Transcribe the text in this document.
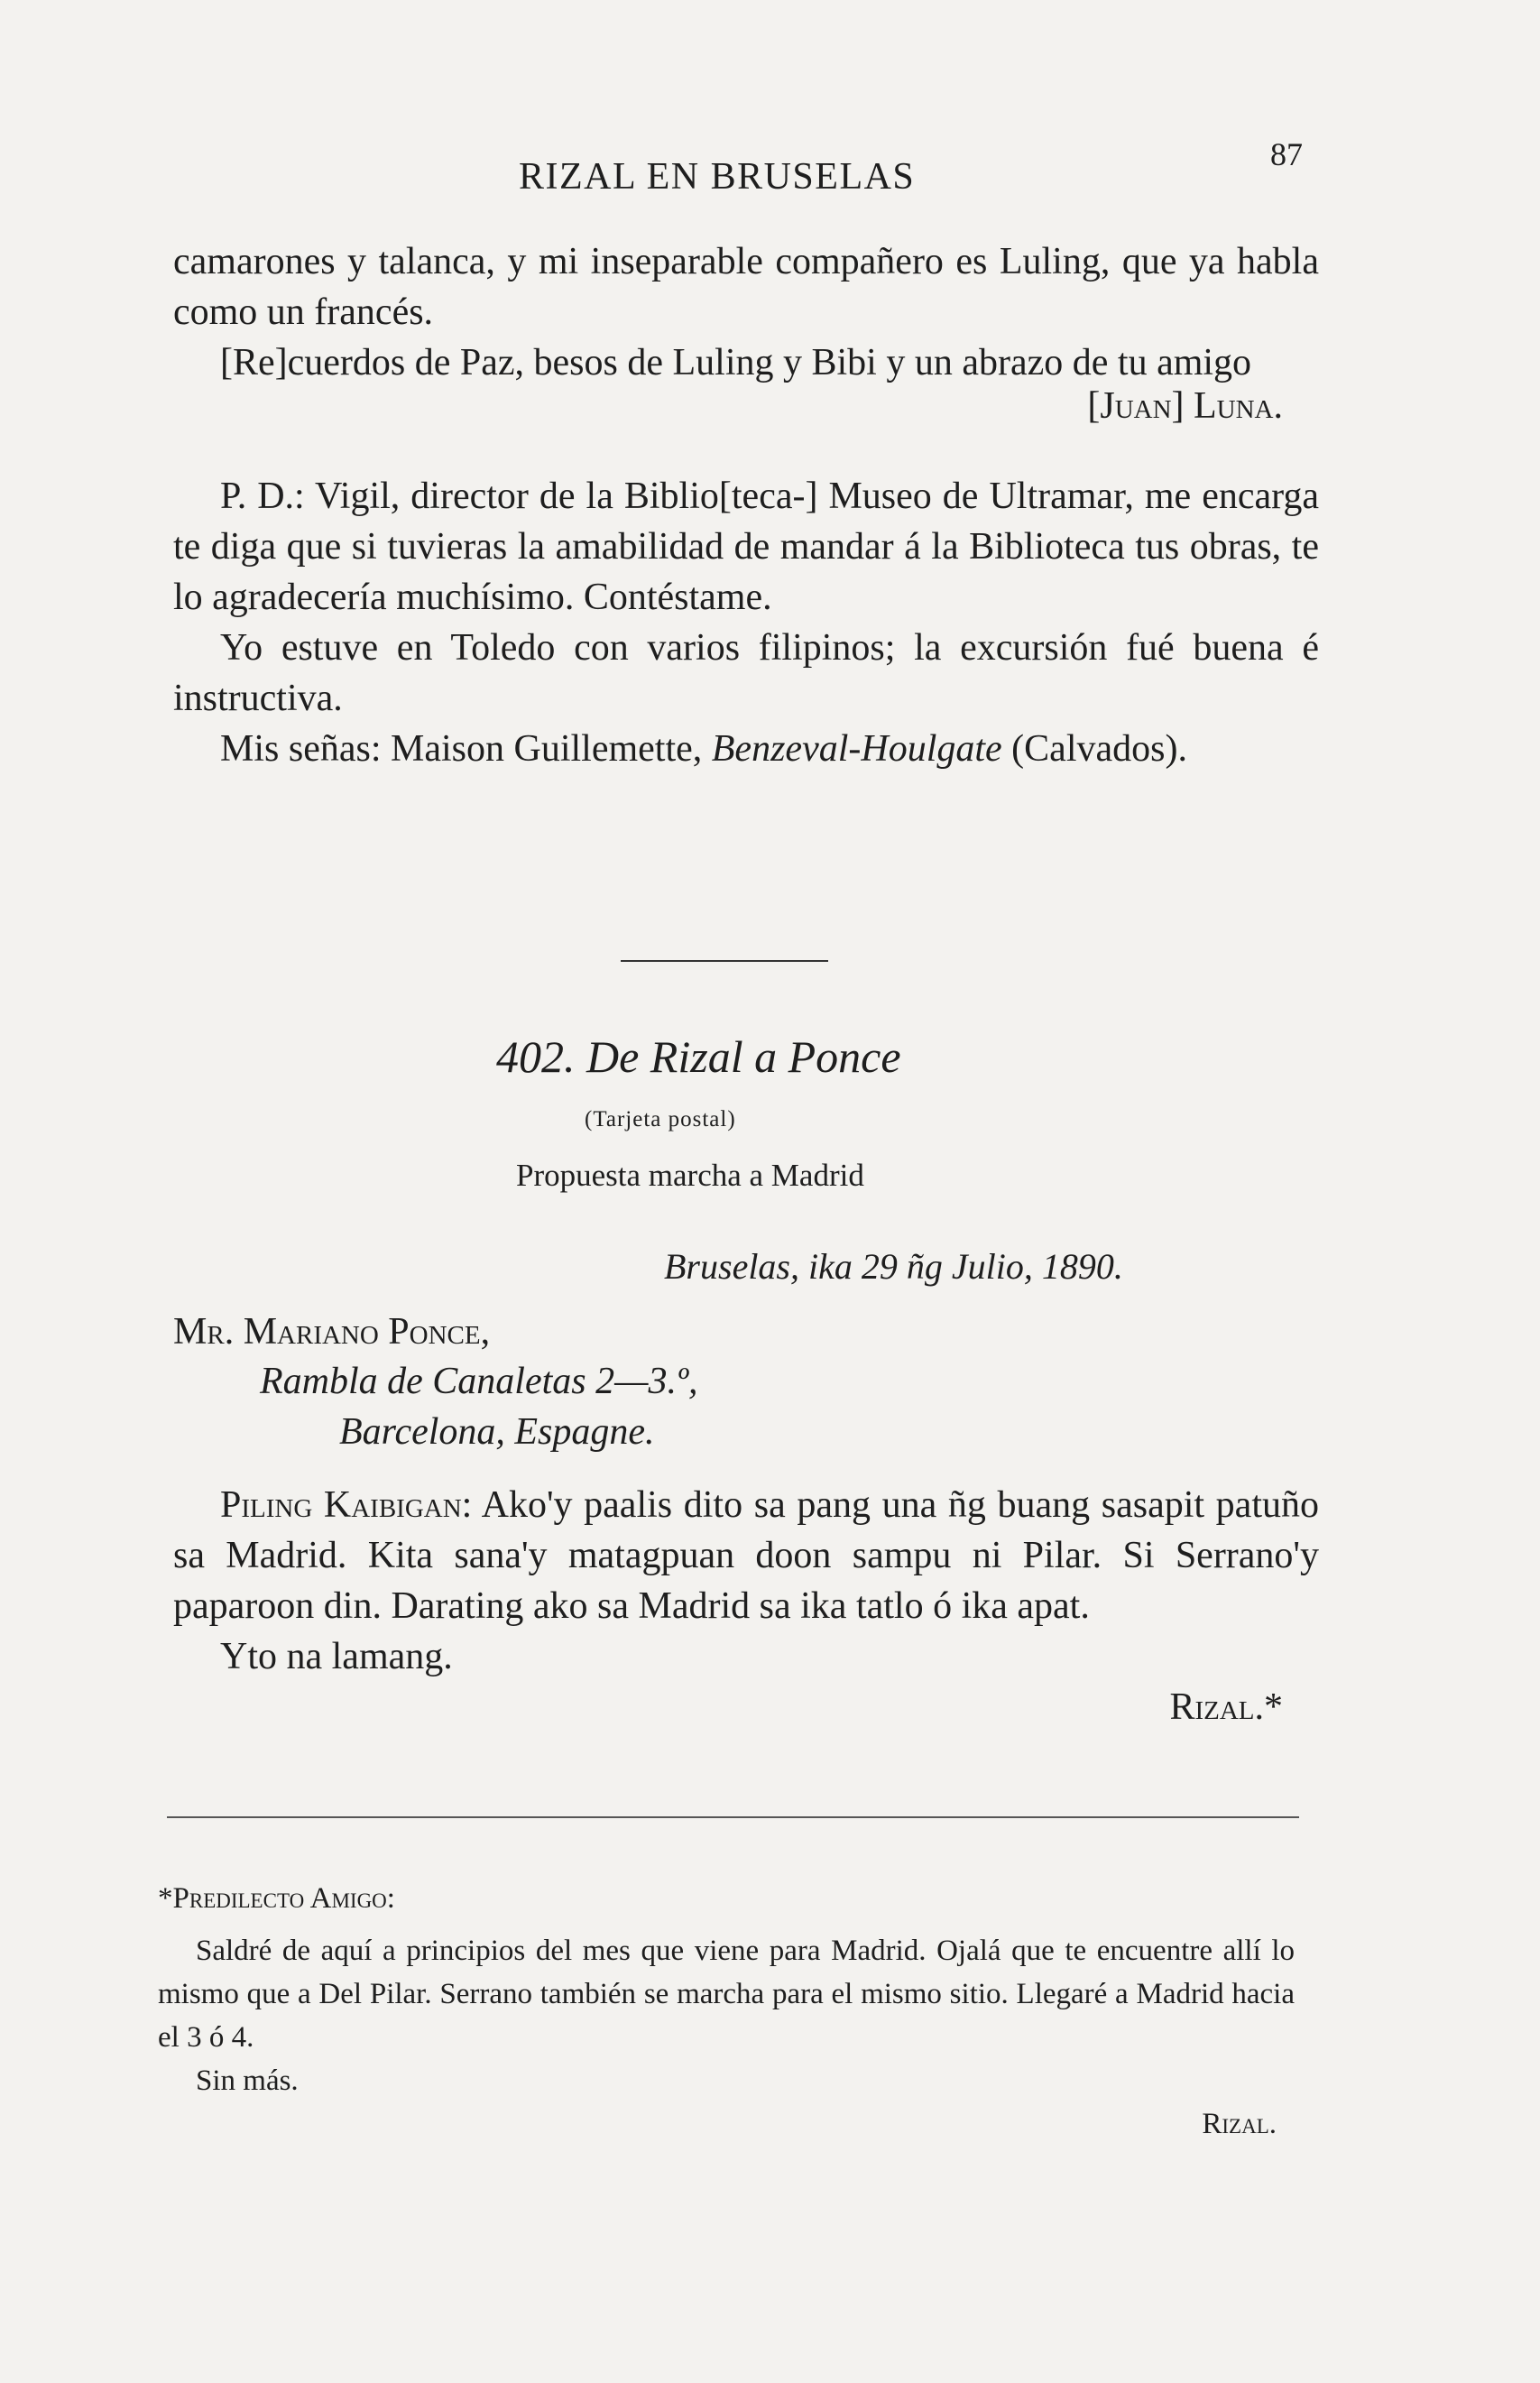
RIZAL EN BRUSELAS
87

camarones y talanca, y mi inseparable compañero es Luling, que ya habla como un francés.

[Re]cuerdos de Paz, besos de Luling y Bibi y un abrazo de tu amigo

[Juan] Luna.

P. D.: Vigil, director de la Biblio[teca-] Museo de Ultramar, me encarga te diga que si tuvieras la amabilidad de mandar á la Biblioteca tus obras, te lo agradecería muchísimo. Contéstame.

Yo estuve en Toledo con varios filipinos; la excursión fué buena é instructiva.

Mis señas: Maison Guillemette, Benzeval-Houlgate (Calvados).

402. De Rizal a Ponce
(Tarjeta postal)
Propuesta marcha a Madrid
Bruselas, ika 29 ñg Julio, 1890.
Mr. Mariano Ponce,
Rambla de Canaletas 2—3.º,
Barcelona, Espagne.

Piling Kaibigan: Ako'y paalis dito sa pang una ñg buang sasapit patuño sa Madrid. Kita sana'y matagpuan doon sampu ni Pilar. Si Serrano'y paparoon din. Darating ako sa Madrid sa ika tatlo ó ika apat.

Yto na lamang.

Rizal.*

*Predilecto Amigo:

Saldré de aquí a principios del mes que viene para Madrid. Ojalá que te encuentre allí lo mismo que a Del Pilar. Serrano también se marcha para el mismo sitio. Llegaré a Madrid hacia el 3 ó 4.

Sin más.

Rizal.
